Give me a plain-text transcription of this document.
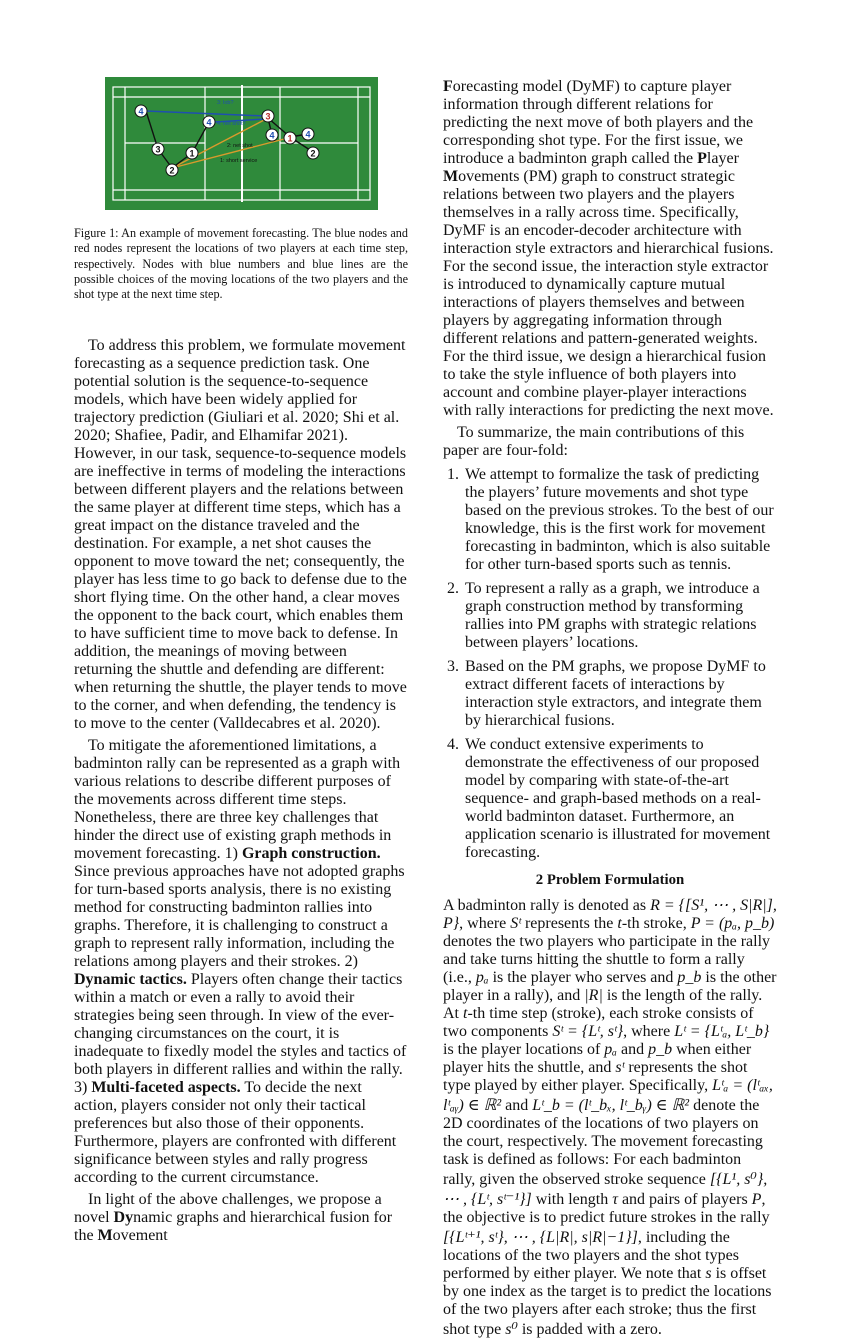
3: lob?
4: net shot?
2: net shot
1: short service
4
4
3
4 1 4
2
3	1
2
Figure 1: An example of movement forecasting. The blue nodes and red nodes represent the locations of two players at each time step, respectively. Nodes with blue numbers and blue lines are the possible choices of the moving locations of the two players and the shot type at the next time step.

To address this problem, we formulate movement forecasting as a sequence prediction task. One potential solution is the sequence-to-sequence models, which have been widely applied for trajectory prediction (Giuliari et al. 2020; Shi et al. 2020; Shafiee, Padir, and Elhamifar 2021). However, in our task, sequence-to-sequence models are ineffective in terms of modeling the interactions between different players and the relations between the same player at different time steps, which has a great impact on the distance traveled and the destination. For example, a net shot causes the opponent to move toward the net; consequently, the player has less time to go back to defense due to the short flying time. On the other hand, a clear moves the opponent to the back court, which enables them to have sufficient time to move back to defense. In addition, the meanings of moving between returning the shuttle and defending are different: when returning the shuttle, the player tends to move to the corner, and when defending, the tendency is to move to the center (Valldecabres et al. 2020).

To mitigate the aforementioned limitations, a badminton rally can be represented as a graph with various relations to describe different purposes of the movements across different time steps. Nonetheless, there are three key challenges that hinder the direct use of existing graph methods in movement forecasting. 1) Graph construction. Since previous approaches have not adopted graphs for turn-based sports analysis, there is no existing method for constructing badminton rallies into graphs. Therefore, it is challenging to construct a graph to represent rally information, including the relations among players and their strokes. 2) Dynamic tactics. Players often change their tactics within a match or even a rally to avoid their strategies being seen through. In view of the ever-changing circumstances on the court, it is inadequate to fixedly model the styles and tactics of both players in different rallies and within the rally. 3) Multi-faceted aspects. To decide the next action, players consider not only their tactical preferences but also those of their opponents. Furthermore, players are confronted with different significance between styles and rally progress according to the current circumstance.

In light of the above challenges, we propose a novel Dynamic graphs and hierarchical fusion for the Movement

Forecasting model (DyMF) to capture player information through different relations for predicting the next move of both players and the corresponding shot type. For the first issue, we introduce a badminton graph called the Player Movements (PM) graph to construct strategic relations between two players and the players themselves in a rally across time. Specifically, DyMF is an encoder-decoder architecture with interaction style extractors and hierarchical fusions. For the second issue, the interaction style extractor is introduced to dynamically capture mutual interactions of players themselves and between players by aggregating information through different relations and pattern-generated weights. For the third issue, we design a hierarchical fusion to take the style influence of both players into account and combine player-player interactions with rally interactions for predicting the next move.

To summarize, the main contributions of this paper are four-fold:

1. We attempt to formalize the task of predicting the players’ future movements and shot type based on the previous strokes. To the best of our knowledge, this is the first work for movement forecasting in badminton, which is also suitable for other turn-based sports such as tennis.
2. To represent a rally as a graph, we introduce a graph construction method by transforming rallies into PM graphs with strategic relations between players’ locations.
3. Based on the PM graphs, we propose DyMF to extract different facets of interactions by interaction style extractors, and integrate them by hierarchical fusions.
4. We conduct extensive experiments to demonstrate the effectiveness of our proposed model by comparing with state-of-the-art sequence- and graph-based methods on a real-world badminton dataset. Furthermore, an application scenario is illustrated for movement forecasting.
2 Problem Formulation

A badminton rally is denoted as R = {[S¹, ⋯ , S|R|], P}, where Sᵗ represents the t-th stroke, P = (pₐ, p_b) denotes the two players who participate in the rally and take turns hitting the shuttle to form a rally (i.e., pₐ is the player who serves and p_b is the other player in a rally), and |R| is the length of the rally. At t-th time step (stroke), each stroke consists of two components Sᵗ = {Lᵗ, sᵗ}, where Lᵗ = {Lᵗₐ, Lᵗ_b} is the player locations of pₐ and p_b when either player hits the shuttle, and sᵗ represents the shot type played by either player. Specifically, Lᵗₐ = (lᵗₐₓ, lᵗₐᵧ) ∈ ℝ² and Lᵗ_b = (lᵗ_bₓ, lᵗ_bᵧ) ∈ ℝ² denote the 2D coordinates of the locations of two players on the court, respectively. The movement forecasting task is defined as follows: For each badminton rally, given the observed stroke sequence [{L¹, s⁰}, ⋯ , {Lᵗ, sᵗ⁻¹}] with length τ and pairs of players P, the objective is to predict future strokes in the rally [{Lᵗ⁺¹, sᵗ}, ⋯ , {L|R|, s|R|−1}], including the locations of the two players and the shot types performed by either player. We note that s is offset by one index as the target is to predict the locations of the two players after each stroke; thus the first shot type s⁰ is padded with a zero.
